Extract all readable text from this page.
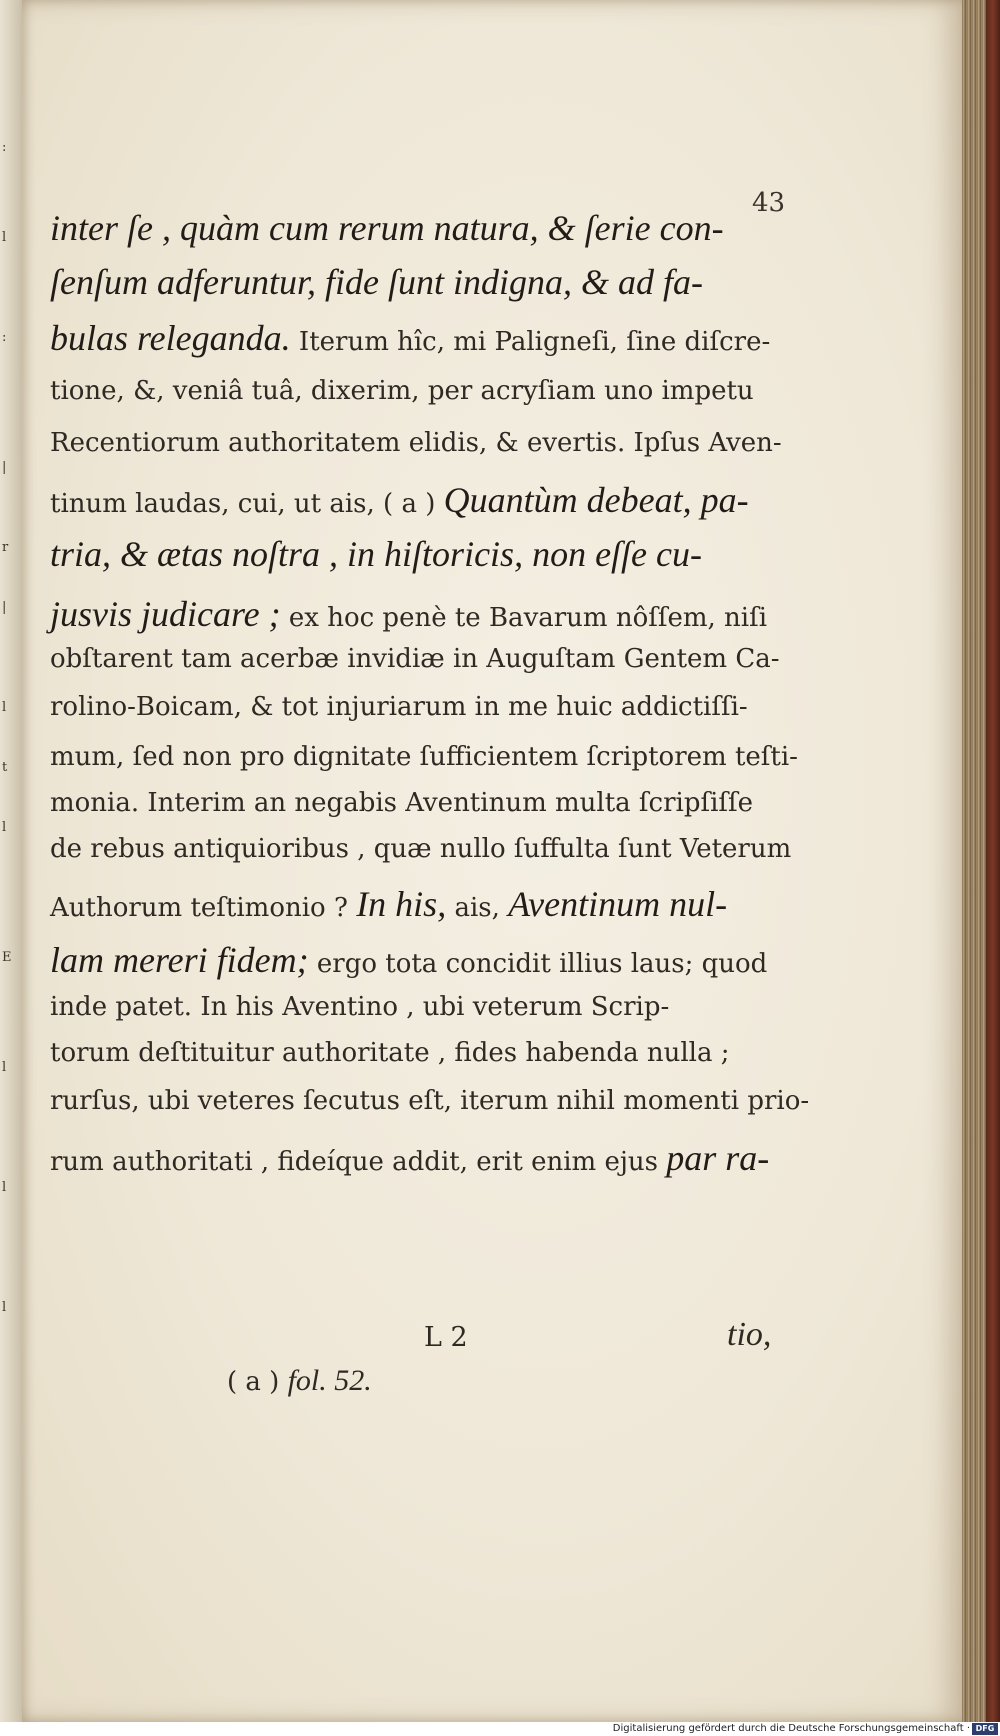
:
l
:
|
r
|
l
t
l
E
l
l
l
43
inter ſe , quàm cum rerum natura, & ſerie con-
ſenſum adferuntur, fide ſunt indigna, & ad fa-
bulas releganda. Iterum hîc, mi Paligneſi, ſine diſcre-
tione, &, veniâ tuâ, dixerim, per acryſiam uno impetu
Recentiorum authoritatem elidis, & evertis. Ipſus Aven-
tinum laudas, cui, ut ais, ( a ) Quantùm debeat, pa-
tria, & ætas noſtra , in hiſtoricis, non eſſe cu-
jusvis judicare ; ex hoc penè te Bavarum nôſſem, niſi
obſtarent tam acerbæ invidiæ in Auguſtam Gentem Ca-
rolino-Boicam, & tot injuriarum in me huic addictiſſi-
mum, ſed non pro dignitate ſufficientem ſcriptorem teſti-
monia. Interim an negabis Aventinum multa ſcripſiſſe
de rebus antiquioribus , quæ nullo ſuffulta ſunt Veterum
Authorum teſtimonio ? In his, ais, Aventinum nul-
lam mereri fidem; ergo tota concidit illius laus; quod
inde patet. In his Aventino , ubi veterum Scrip-
torum deſtituitur authoritate , fides habenda nulla ;
rurſus, ubi veteres ſecutus eſt, iterum nihil momenti prio-
rum authoritati , fideíque addit, erit enim ejus par ra-
L 2	tio,
( a ) fol. 52.
Digitalisierung gefördert durch die Deutsche Forschungsgemeinschaft · DFG
